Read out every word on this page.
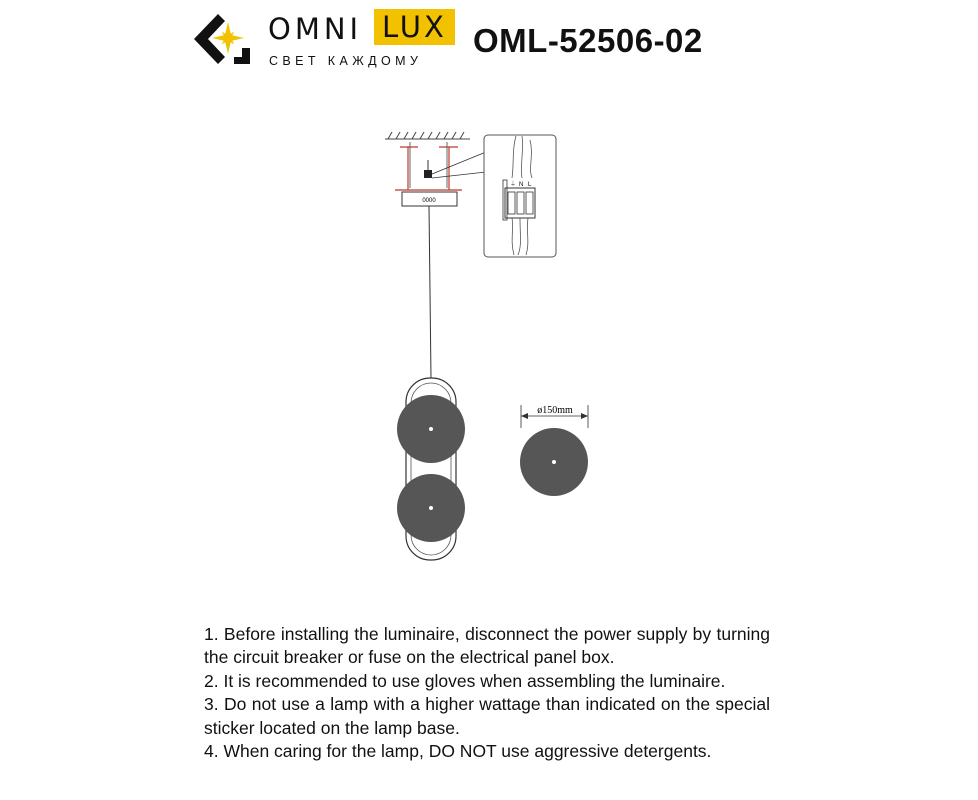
OMNI LUX
СВЕТ КАЖДОМУ
OML-52506-02
0000
⏚ N L
ø150mm

1. Before installing the luminaire, disconnect the power supply by turning the circuit breaker or fuse on the electrical panel box.

2. It is recommended to use gloves when assembling the luminaire.

3. Do not use a lamp with a higher wattage than indicated on the special sticker located on the lamp base.

4. When caring for the lamp, DO NOT use aggressive detergents.
